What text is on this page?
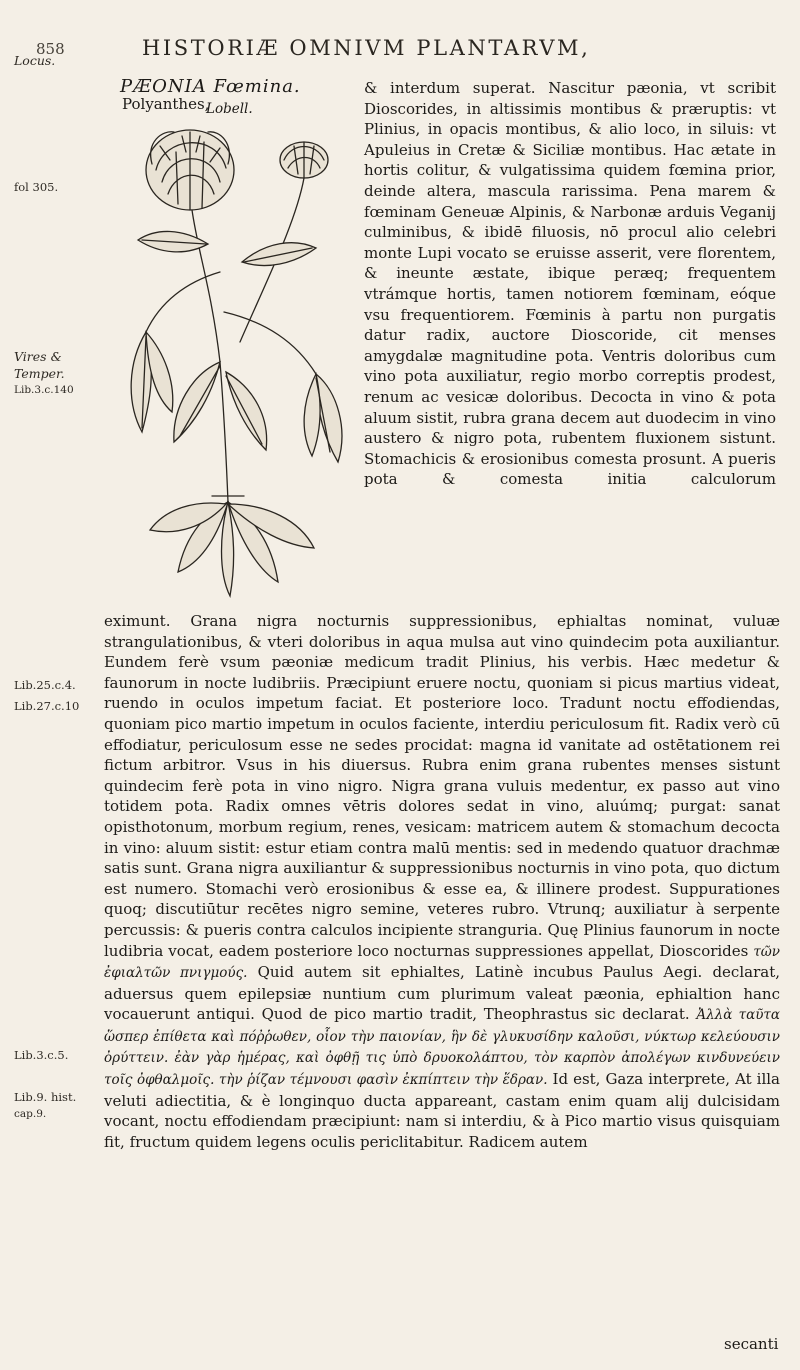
858	HISTORIÆ OMNIVM PLANTARVM,
Locus.
fol 305.
Vires &
Temper.
Lib.3.c.140
Lib.25.c.4.
Lib.27.c.10
Lib.3.c.5.
Lib.9. hist.
cap.9.
PÆONIA Fœmina.
Polyanthes,
Lobell.

& interdum superat. Nascitur pæonia, vt scribit Dioscorides, in altissimis montibus & præruptis: vt Plinius, in opacis montibus, & alio loco, in siluis: vt Apuleius in Cretæ & Siciliæ montibus. Hac ætate in hortis colitur, & vulgatissima quidem fœmina prior, deinde altera, mascula rarissima. Pena marem & fœminam Geneuæ Alpinis, & Narbonæ arduis Veganij culminibus, & ibidē filuosis, nō procul alio celebri monte Lupi vocato se eruisse asserit, vere florentem, & ineunte æstate, ibique peræq; frequentem vtrámque hortis, tamen notiorem fœminam, eóque vsu frequentiorem. Fœminis à partu non purgatis datur radix, auctore Dioscoride, cit menses amygdalæ magnitudine pota. Ventris doloribus cum vino pota auxiliatur, regio morbo correptis prodest, renum ac vesicæ doloribus. Decocta in vino & pota aluum sistit, rubra grana decem aut duodecim in vino austero & nigro pota, rubentem fluxionem sistunt. Stomachicis & erosionibus comesta prosunt. A pueris pota & comesta initia calculorum

eximunt. Grana nigra nocturnis suppressionibus, ephialtas nominat, vuluæ strangulationibus, & vteri doloribus in aqua mulsa aut vino quindecim pota auxiliantur. Eundem ferè vsum pæoniæ medicum tradit Plinius, his verbis. Hæc medetur & faunorum in nocte ludibriis. Præcipiunt eruere noctu, quoniam si picus martius videat, ruendo in oculos impetum faciat. Et posteriore loco. Tradunt noctu effodiendas, quoniam pico martio impetum in oculos faciente, interdiu periculosum fit. Radix verò cū effodiatur, periculosum esse ne sedes procidat: magna id vanitate ad ostētationem rei fictum arbitror. Vsus in his diuersus. Rubra enim grana rubentes menses sistunt quindecim ferè pota in vino nigro. Nigra grana vuluis medentur, ex passo aut vino totidem pota. Radix omnes vētris dolores sedat in vino, aluúmq; purgat: sanat opisthotonum, morbum regium, renes, vesicam: matricem autem & stomachum decocta in vino: aluum sistit: estur etiam contra malū mentis: sed in medendo quatuor drachmæ satis sunt. Grana nigra auxiliantur & suppressionibus nocturnis in vino pota, quo dictum est numero. Stomachi verò erosionibus & esse ea, & illinere prodest. Suppurationes quoq; discutiūtur recētes nigro semine, veteres rubro. Vtrunq; auxiliatur à serpente percussis: & pueris contra calculos incipiente stranguria. Quę Plinius faunorum in nocte ludibria vocat, eadem posteriore loco nocturnas suppressiones appellat, Dioscorides τῶν ἐφιαλτῶν πνιγμούς. Quid autem sit ephialtes, Latinè incubus Paulus Aegi. declarat, aduersus quem epilepsiæ nuntium cum plurimum valeat pæonia, ephialtion hanc vocauerunt antiqui. Quod de pico martio tradit, Theophrastus sic declarat. Ἀλλὰ ταῦτα ὥσπερ ἐπίθετα καὶ πόῤῥωθεν, οἷον τὴν παιονίαν, ἣν δὲ γλυκυσίδην καλοῦσι, νύκτωρ κελεύουσιν ὀρύττειν. ἐὰν γὰρ ἡμέρας, καὶ ὀφθῇ τις ὑπὸ δρυοκολάπτου, τὸν καρπὸν ἀπολέγων κινδυνεύειν τοῖς ὀφθαλμοῖς. τὴν ῥίζαν τέμνουσι φασὶν ἐκπίπτειν τὴν ἕδραν. Id est, Gaza interprete, At illa veluti adiectitia, & è longinquo ducta appareant, castam enim quam alij dulcisidam vocant, noctu effodiendam præcipiunt: nam si interdiu, & à Pico martio visus quisquiam fit, fructum quidem legens oculis periclitabitur. Radicem autem

secanti
